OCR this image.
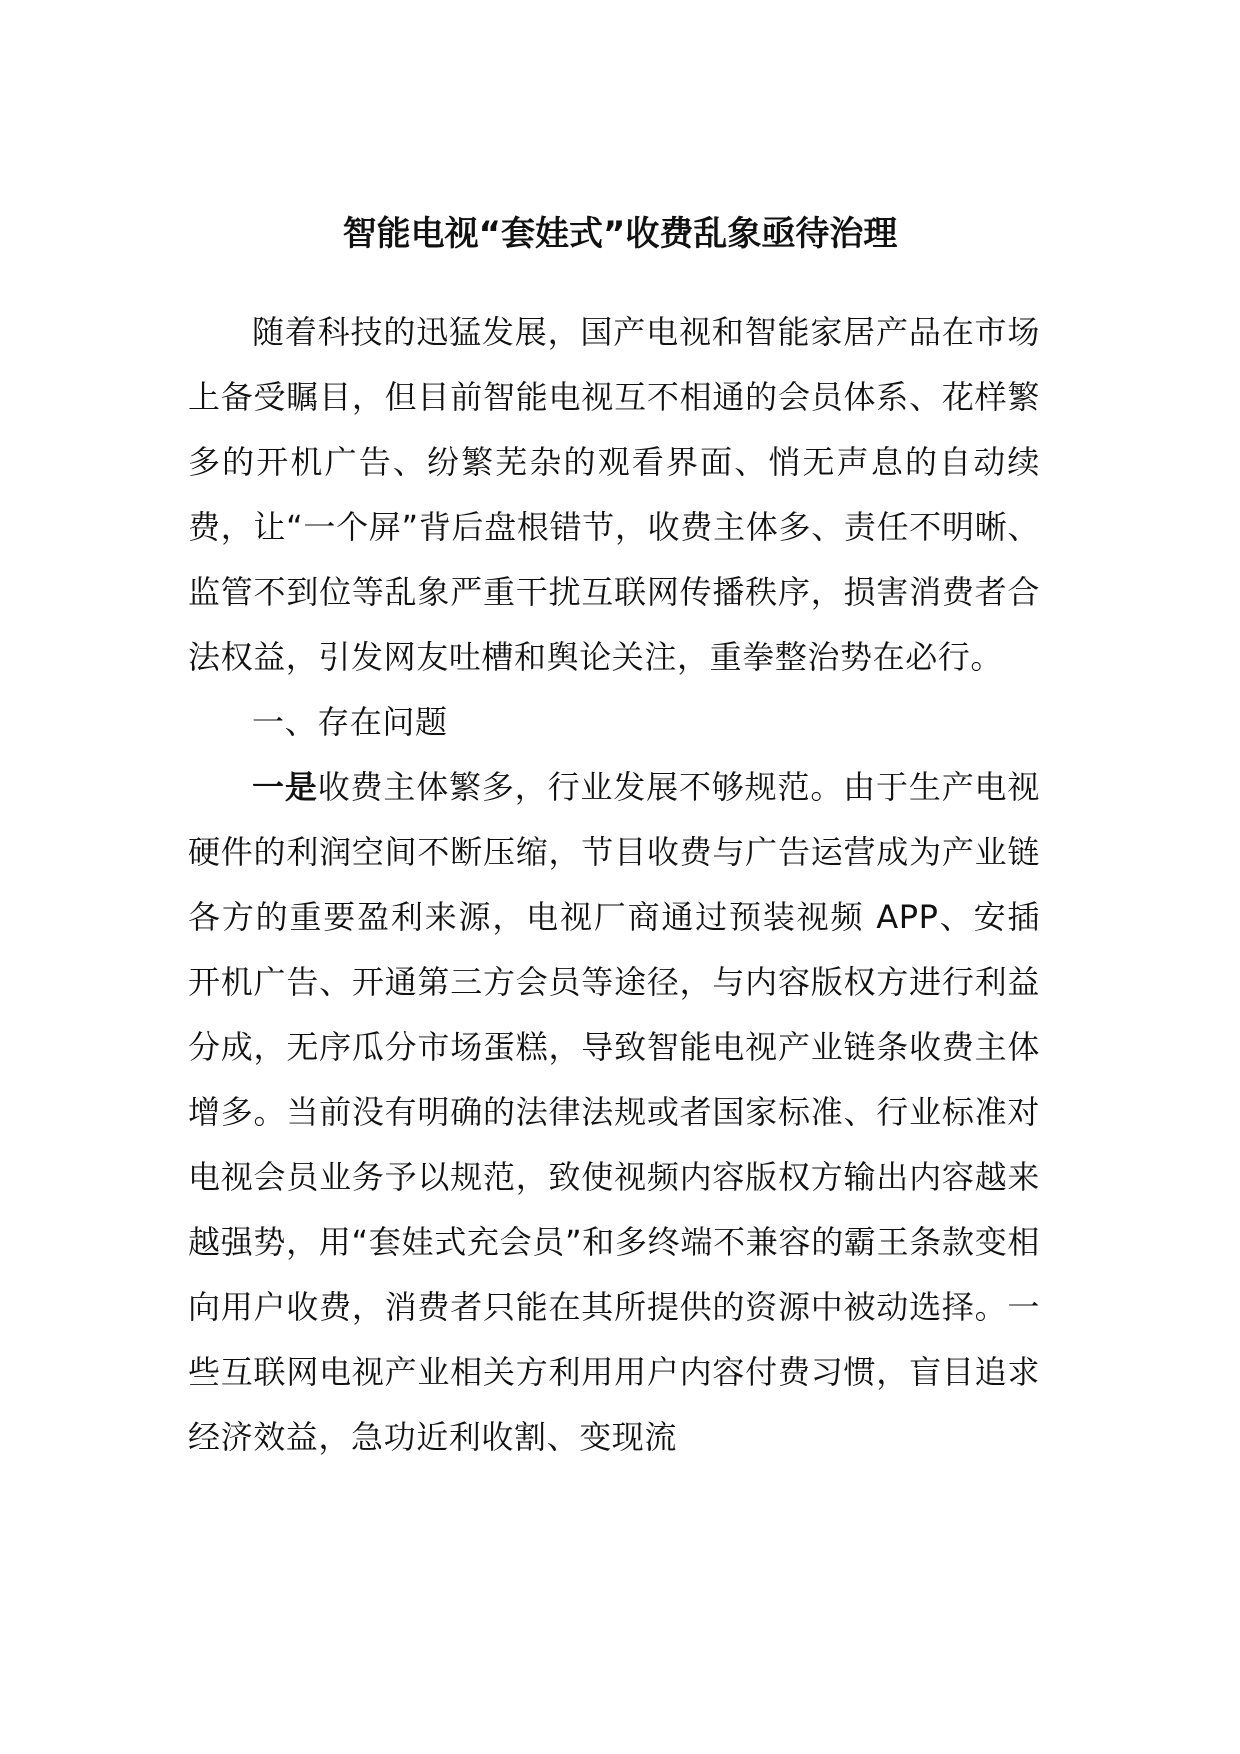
智能电视“套娃式”收费乱象亟待治理

随着科技的迅猛发展，国产电视和智能家居产品在市场上备受瞩目，但目前智能电视互不相通的会员体系、花样繁多的开机广告、纷繁芜杂的观看界面、悄无声息的自动续费，让“一个屏”背后盘根错节，收费主体多、责任不明晰、监管不到位等乱象严重干扰互联网传播秩序，损害消费者合法权益，引发网友吐槽和舆论关注，重拳整治势在必行。

一、存在问题

一是收费主体繁多，行业发展不够规范。由于生产电视硬件的利润空间不断压缩，节目收费与广告运营成为产业链各方的重要盈利来源，电视厂商通过预装视频 APP、安插开机广告、开通第三方会员等途径，与内容版权方进行利益分成，无序瓜分市场蛋糕，导致智能电视产业链条收费主体增多。当前没有明确的法律法规或者国家标准、行业标准对电视会员业务予以规范，致使视频内容版权方输出内容越来越强势，用“套娃式充会员”和多终端不兼容的霸王条款变相向用户收费，消费者只能在其所提供的资源中被动选择。一些互联网电视产业相关方利用用户内容付费习惯，盲目追求经济效益，急功近利收割、变现流
